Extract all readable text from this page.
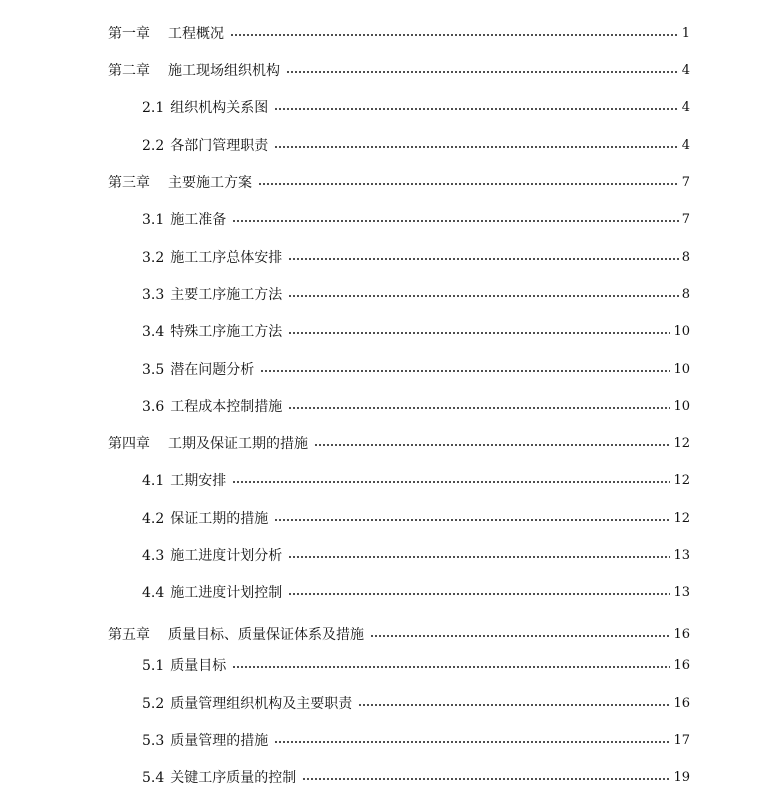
第一章 工程概况	1
第二章 施工现场组织机构	4
2.1 组织机构关系图	4
2.2 各部门管理职责	4
第三章 主要施工方案	7
3.1 施工准备	7
3.2 施工工序总体安排	8
3.3 主要工序施工方法	8
3.4 特殊工序施工方法	10
3.5 潜在问题分析	10
3.6 工程成本控制措施	10
第四章 工期及保证工期的措施	12
4.1 工期安排	12
4.2 保证工期的措施	12
4.3 施工进度计划分析	13
4.4 施工进度计划控制	13
第五章 质量目标、质量保证体系及措施	16
5.1 质量目标	16
5.2 质量管理组织机构及主要职责	16
5.3 质量管理的措施	17
5.4 关键工序质量的控制	19
